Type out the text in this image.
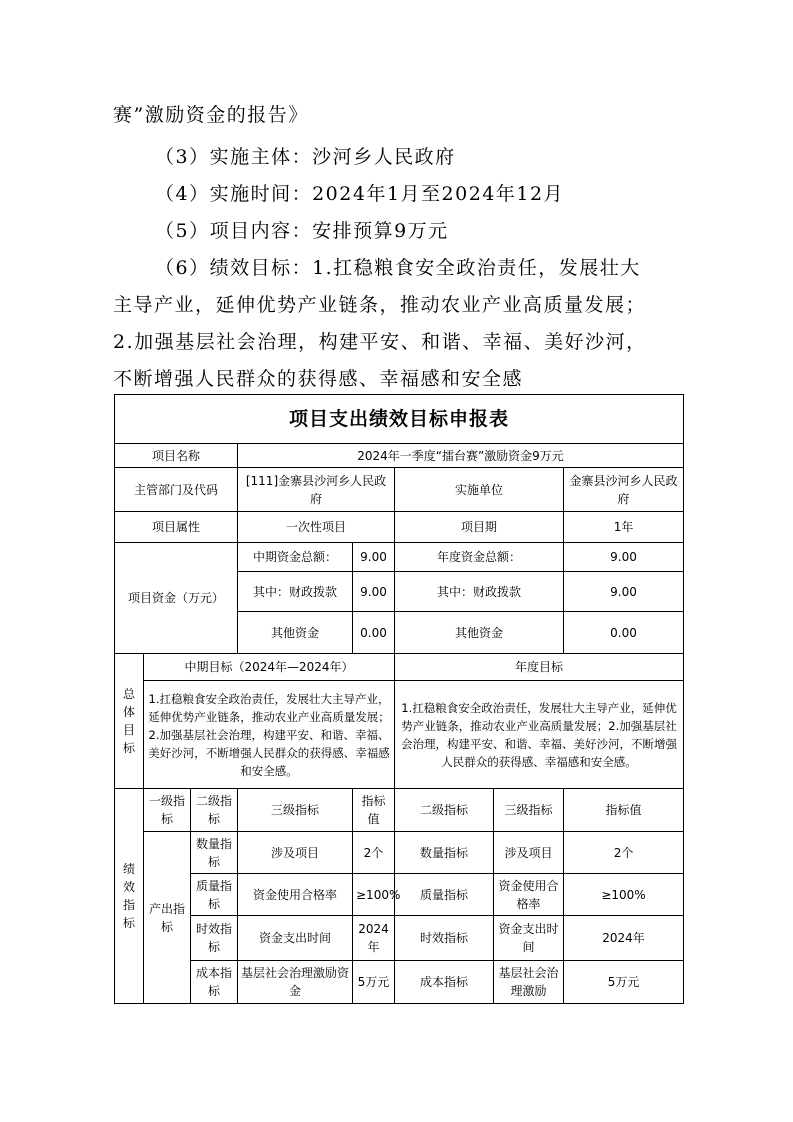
赛”激励资金的报告》
（3）实施主体：沙河乡人民政府
（4）实施时间：2024年1月至2024年12月
（5）项目内容：安排预算9万元
（6）绩效目标：1.扛稳粮食安全政治责任，发展壮大
主导产业，延伸优势产业链条，推动农业产业高质量发展；
2.加强基层社会治理，构建平安、和谐、幸福、美好沙河，
不断增强人民群众的获得感、幸福感和安全感
项目支出绩效目标申报表							
项目名称			2024年一季度“擂台赛”激励资金9万元				
主管部门及代码			[111]金寨县沙河乡人民政府		实施单位		金寨县沙河乡人民政府
项目属性			一次性项目		项目期		1年
项目资金（万元）			中期资金总额：	9.00	年度资金总额：		9.00
			其中：财政拨款	9.00	其中：财政拨款		9.00
			其他资金	0.00	其他资金		0.00
总体目标	中期目标（2024年—2024年）				年度目标		
	1.扛稳粮食安全政治责任，发展壮大主导产业，延伸优势产业链条，推动农业产业高质量发展；2.加强基层社会治理，构建平安、和谐、幸福、美好沙河，不断增强人民群众的获得感、幸福感和安全感。				1.扛稳粮食安全政治责任，发展壮大主导产业，延伸优势产业链条，推动农业产业高质量发展；2.加强基层社会治理，构建平安、和谐、幸福、美好沙河，不断增强人民群众的获得感、幸福感和安全感。		
绩效指标	一级指标	二级指标	三级指标	指标值	二级指标	三级指标	指标值
	产出指标	数量指标	涉及项目	2个	数量指标	涉及项目	2个
		质量指标	资金使用合格率	≥100%	质量指标	资金使用合格率	≥100%
		时效指标	资金支出时间	2024年	时效指标	资金支出时间	2024年
		成本指标	基层社会治理激励资金	5万元	成本指标	基层社会治理激励	5万元
